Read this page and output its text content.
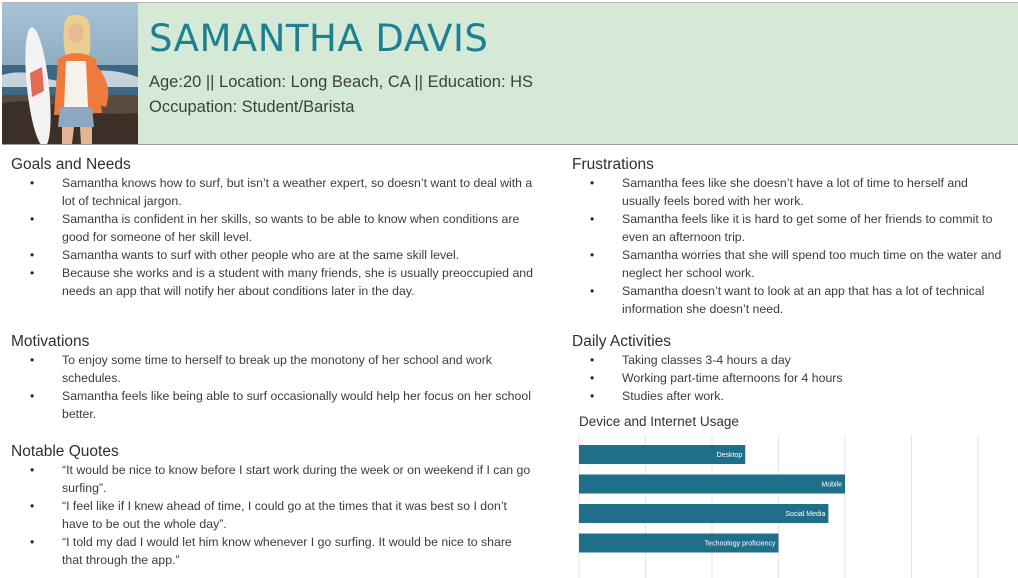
SAMANTHA DAVIS
Age:20 || Location: Long Beach, CA || Education: HS
Occupation: Student/Barista
Goals and Needs
• Samantha knows how to surf, but isn’t a weather expert, so doesn’t want to deal with a lot of technical jargon.
• Samantha is confident in her skills, so wants to be able to know when conditions are good for someone of her skill level.
• Samantha wants to surf with other people who are at the same skill level.
• Because she works and is a student with many friends, she is usually preoccupied and needs an app that will notify her about conditions later in the day.
Motivations
• To enjoy some time to herself to break up the monotony of her school and work schedules.
• Samantha feels like being able to surf occasionally would help her focus on her school better.
Notable Quotes
• “It would be nice to know before I start work during the week or on weekend if I can go surfing”.
• “I feel like if I knew ahead of time, I could go at the times that it was best so I don’t have to be out the whole day”.
• “I told my dad I would let him know whenever I go surfing. It would be nice to share that through the app.”
Frustrations
• Samantha fees like she doesn’t have a lot of time to herself and usually feels bored with her work.
• Samantha feels like it is hard to get some of her friends to commit to even an afternoon trip.
• Samantha worries that she will spend too much time on the water and neglect her school work.
• Samantha doesn’t want to look at an app that has a lot of technical information she doesn’t need.
Daily Activities
• Taking classes 3-4 hours a day
• Working part-time afternoons for 4 hours
• Studies after work.
Device and Internet Usage
Desktop
Mobile
Social Media
Technology proficiency
